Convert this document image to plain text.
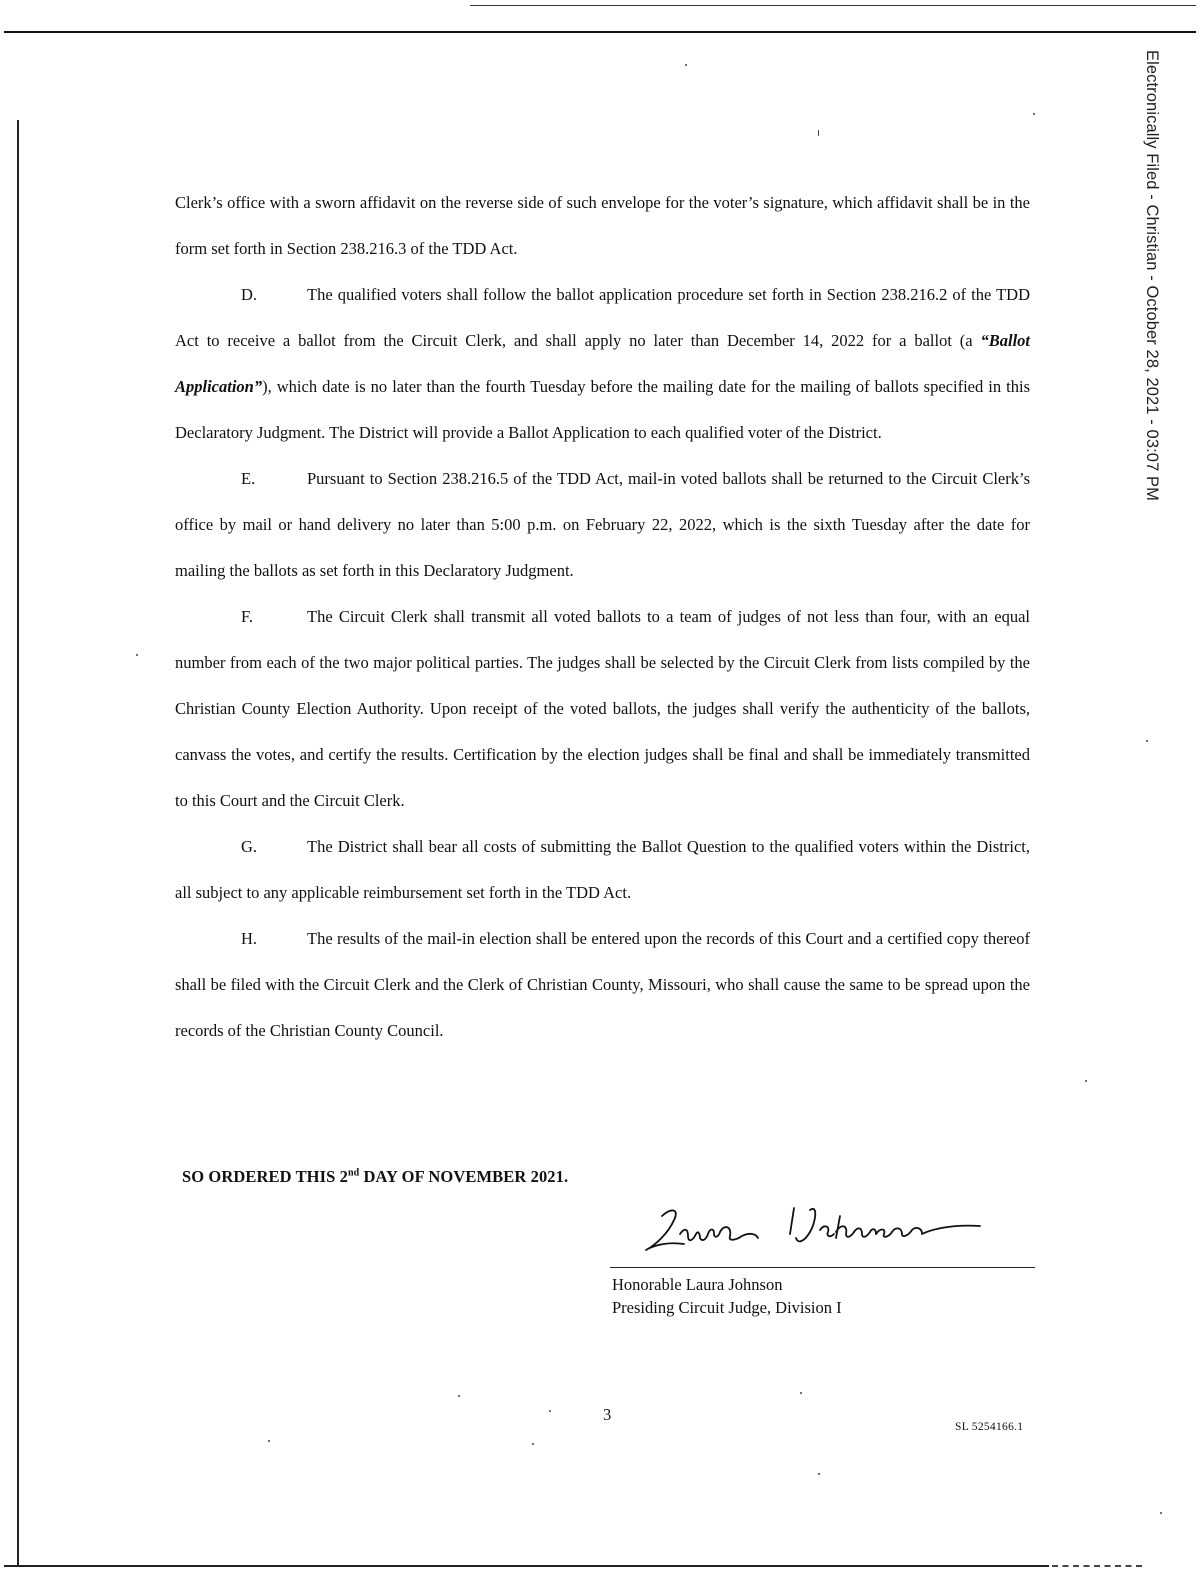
Electronically Filed - Christian - October 28, 2021 - 03:07 PM

Clerk’s office with a sworn affidavit on the reverse side of such envelope for the voter’s signature, which affidavit shall be in the form set forth in Section 238.216.3 of the TDD Act.

D.	The qualified voters shall follow the ballot application procedure set forth in Section 238.216.2 of the TDD Act to receive a ballot from the Circuit Clerk, and shall apply no later than December 14, 2022 for a ballot (a “Ballot Application”), which date is no later than the fourth Tuesday before the mailing date for the mailing of ballots specified in this Declaratory Judgment. The District will provide a Ballot Application to each qualified voter of the District.

E.	Pursuant to Section 238.216.5 of the TDD Act, mail-in voted ballots shall be returned to the Circuit Clerk’s office by mail or hand delivery no later than 5:00 p.m. on February 22, 2022, which is the sixth Tuesday after the date for mailing the ballots as set forth in this Declaratory Judgment.

F.	The Circuit Clerk shall transmit all voted ballots to a team of judges of not less than four, with an equal number from each of the two major political parties. The judges shall be selected by the Circuit Clerk from lists compiled by the Christian County Election Authority. Upon receipt of the voted ballots, the judges shall verify the authenticity of the ballots, canvass the votes, and certify the results. Certification by the election judges shall be final and shall be immediately transmitted to this Court and the Circuit Clerk.

G.	The District shall bear all costs of submitting the Ballot Question to the qualified voters within the District, all subject to any applicable reimbursement set forth in the TDD Act.

H.	The results of the mail-in election shall be entered upon the records of this Court and a certified copy thereof shall be filed with the Circuit Clerk and the Clerk of Christian County, Missouri, who shall cause the same to be spread upon the records of the Christian County Council.

SO ORDERED THIS 2nd DAY OF NOVEMBER 2021.
Honorable Laura Johnson
Presiding Circuit Judge, Division I
3
SL 5254166.1
